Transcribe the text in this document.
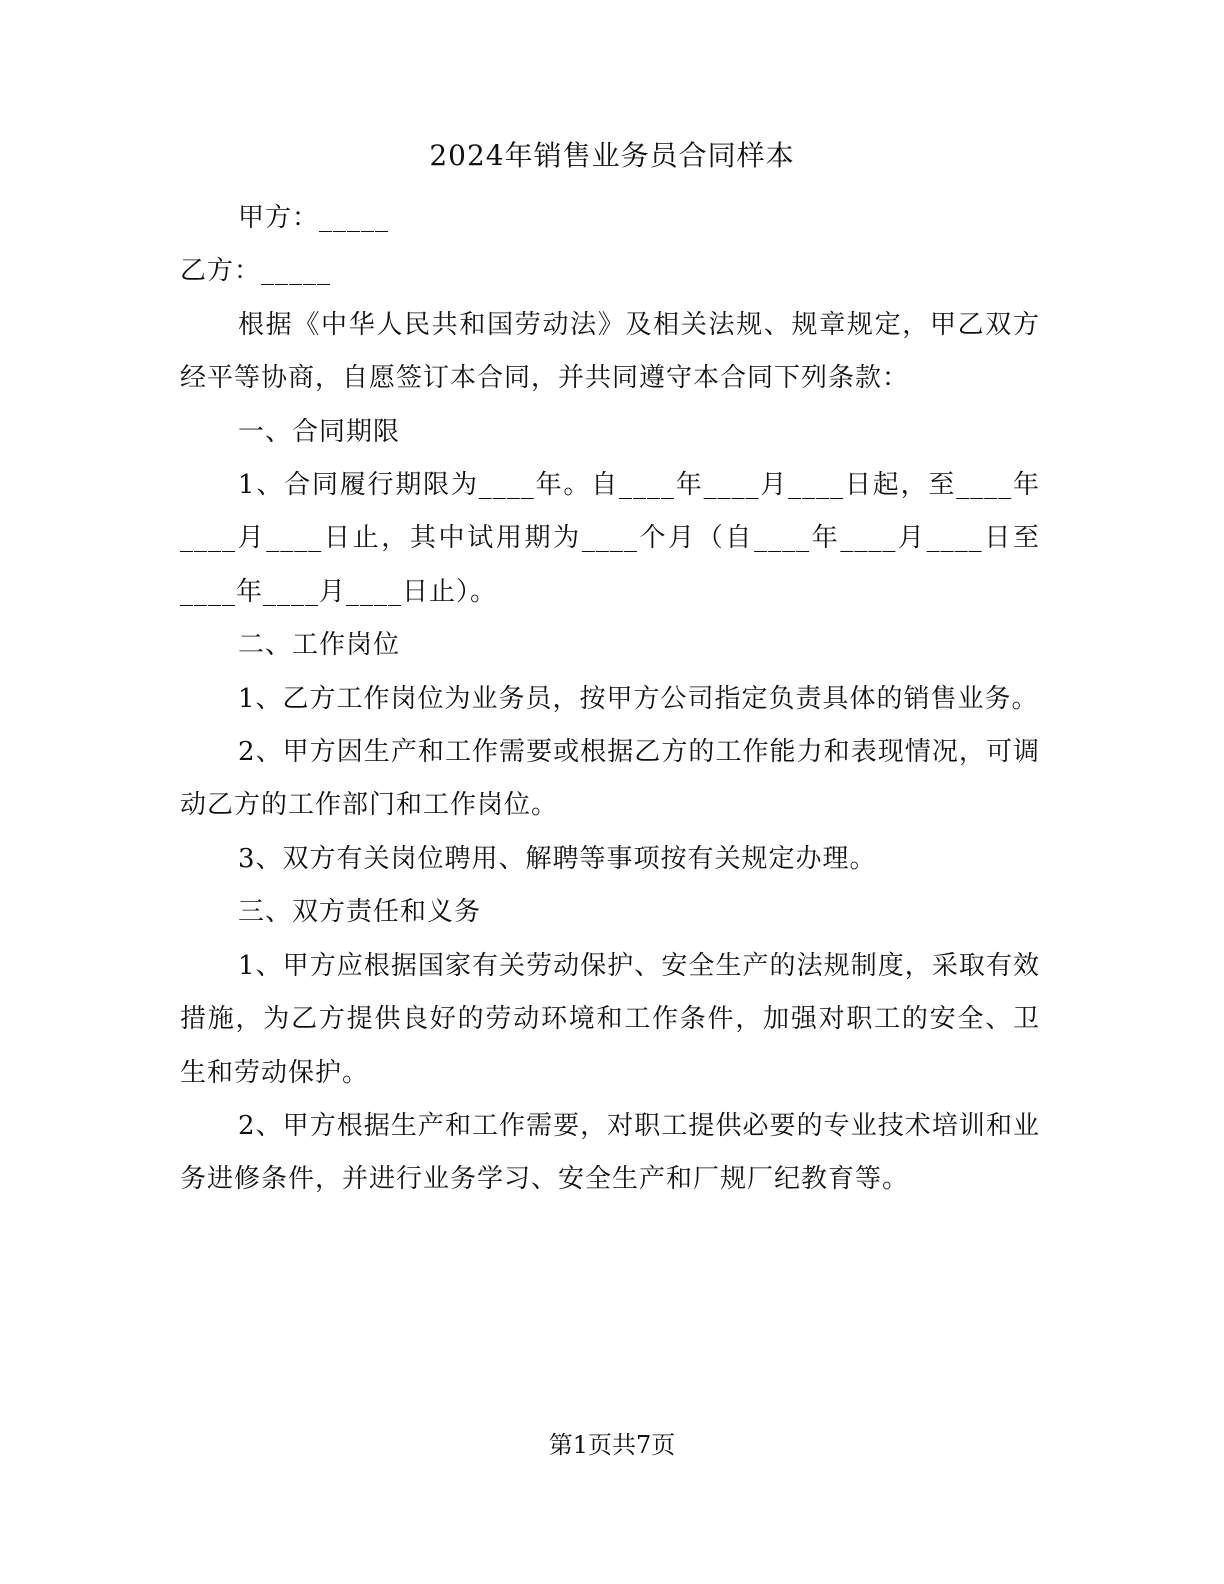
2024年销售业务员合同样本

甲方：_____

乙方：_____

根据《中华人民共和国劳动法》及相关法规、规章规定，甲乙双方经平等协商，自愿签订本合同，并共同遵守本合同下列条款：

一、合同期限

1、合同履行期限为____年。自____年____月____日起，至____年____月____日止，其中试用期为____个月（自____年____月____日至____年____月____日止）。

二、工作岗位

1、乙方工作岗位为业务员，按甲方公司指定负责具体的销售业务。

2、甲方因生产和工作需要或根据乙方的工作能力和表现情况，可调动乙方的工作部门和工作岗位。

3、双方有关岗位聘用、解聘等事项按有关规定办理。

三、双方责任和义务

1、甲方应根据国家有关劳动保护、安全生产的法规制度，采取有效措施，为乙方提供良好的劳动环境和工作条件，加强对职工的安全、卫生和劳动保护。

2、甲方根据生产和工作需要，对职工提供必要的专业技术培训和业务进修条件，并进行业务学习、安全生产和厂规厂纪教育等。

第1页共7页
